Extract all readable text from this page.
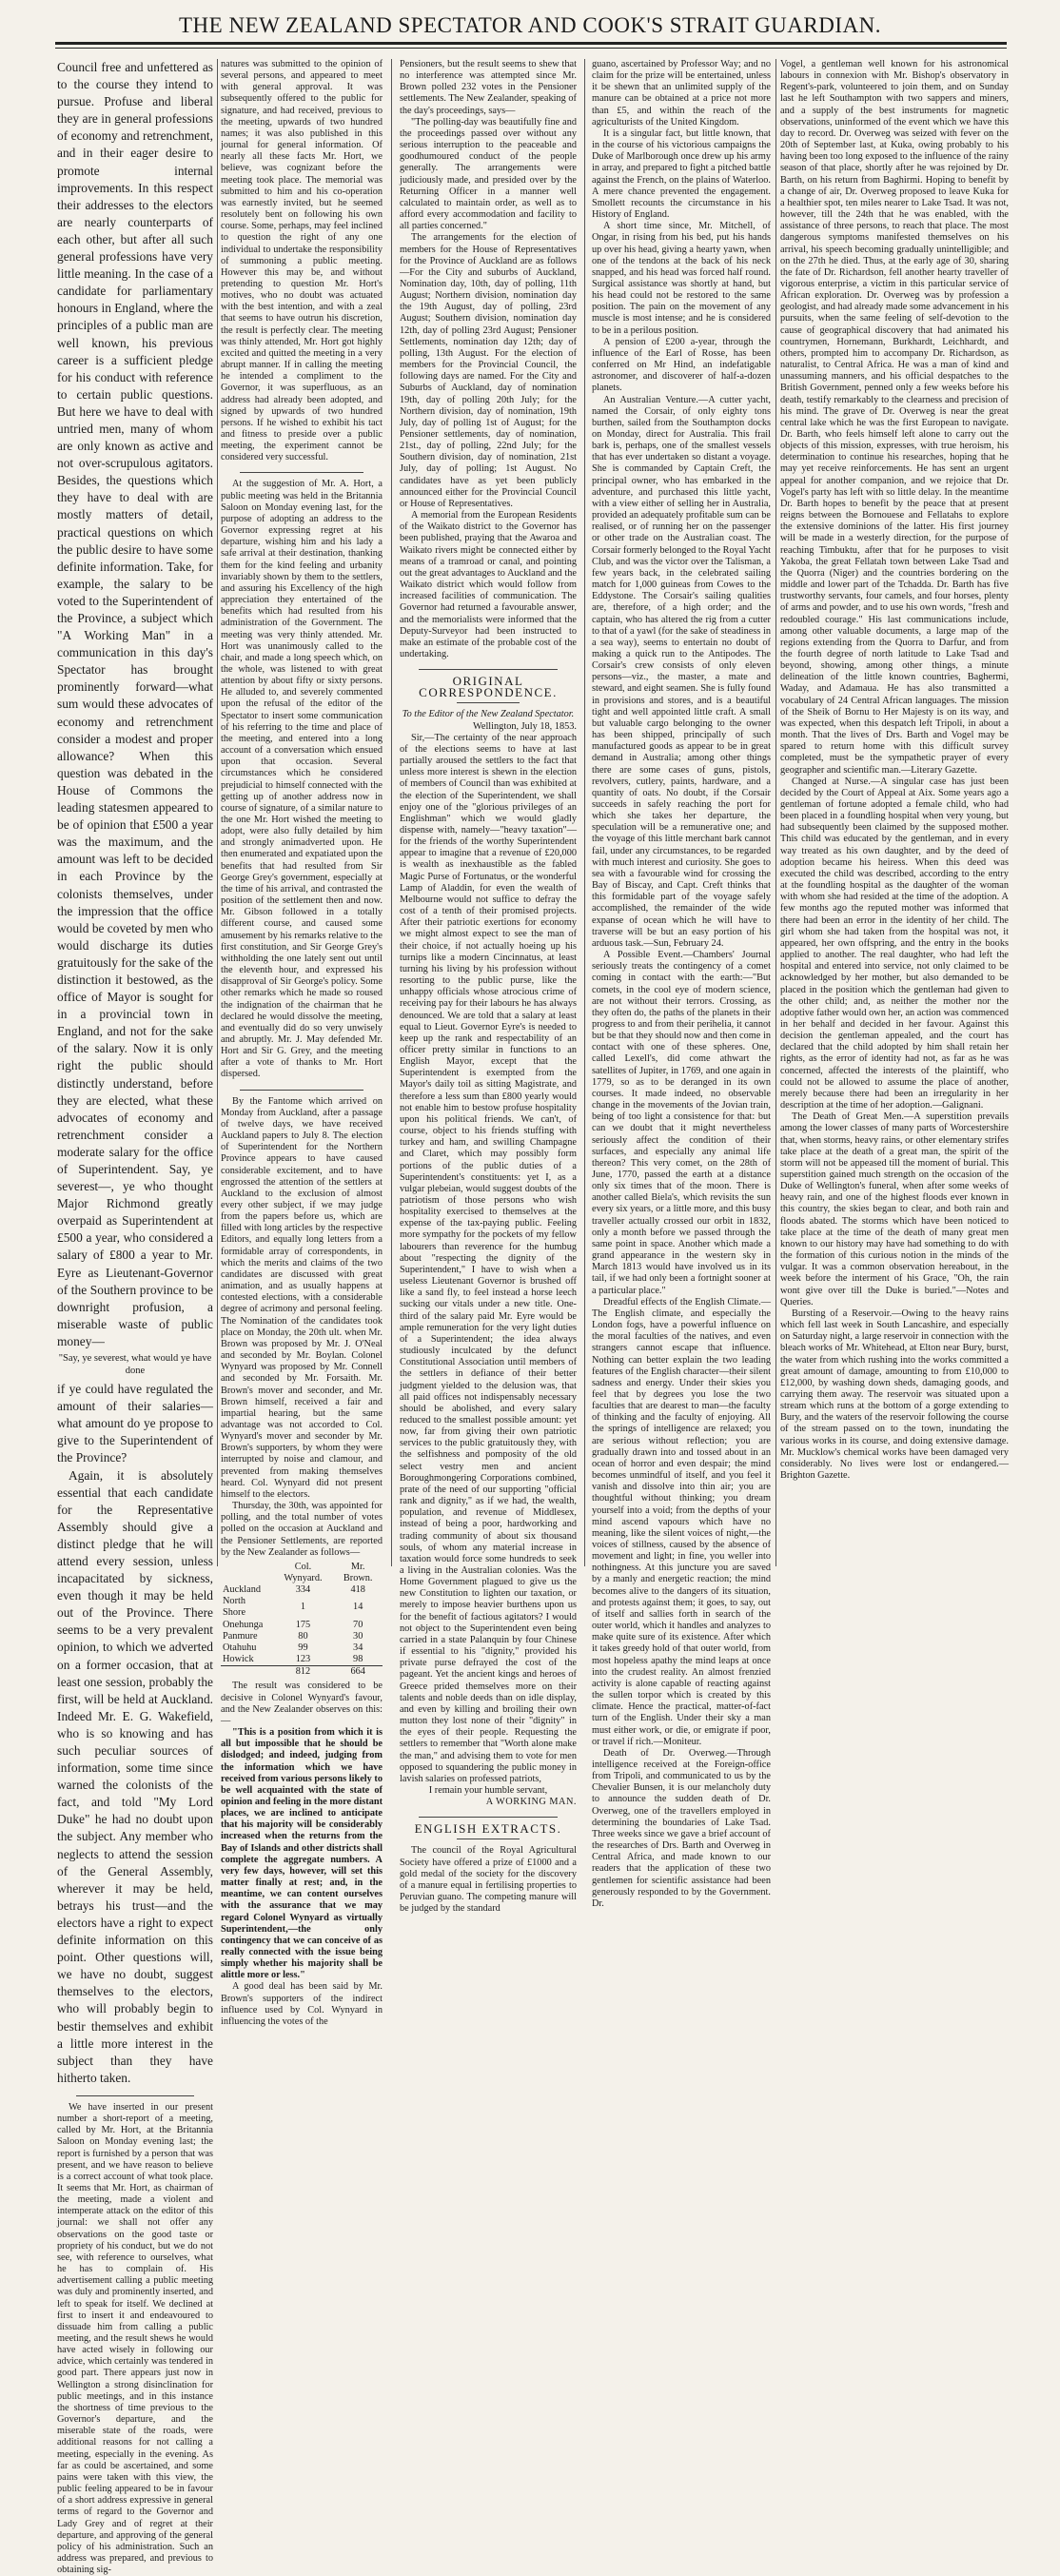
THE NEW ZEALAND SPECTATOR AND COOK'S STRAIT GUARDIAN.

Council free and unfettered as to the course they intend to pursue. Profuse and liberal they are in general professions of economy and retrenchment, and in their eager desire to promote internal improvements. In this respect their addresses to the electors are nearly counterparts of each other, but after all such general professions have very little meaning. In the case of a candidate for parliamentary honours in England, where the principles of a public man are well known, his previous career is a sufficient pledge for his conduct with reference to certain public questions. But here we have to deal with untried men, many of whom are only known as active and not over-scrupulous agitators. Besides, the questions which they have to deal with are mostly matters of detail, practical questions on which the public desire to have some definite information. Take, for example, the salary to be voted to the Superintendent of the Province, a subject which "A Working Man" in a communication in this day's Spectator has brought prominently forward—what sum would these advocates of economy and retrenchment consider a modest and proper allowance? When this question was debated in the House of Commons the leading statesmen appeared to be of opinion that £500 a year was the maximum, and the amount was left to be decided in each Province by the colonists themselves, under the impression that the office would be coveted by men who would discharge its duties gratuitously for the sake of the distinction it bestowed, as the office of Mayor is sought for in a provincial town in England, and not for the sake of the salary. Now it is only right the public should distinctly understand, before they are elected, what these advocates of economy and retrenchment consider a moderate salary for the office of Superintendent. Say, ye severest—, ye who thought Major Richmond greatly overpaid as Superintendent at £500 a year, who considered a salary of £800 a year to Mr. Eyre as Lieutenant-Governor of the Southern province to be downright profusion, a miserable waste of public money—

"Say, ye severest, what would ye have done

if ye could have regulated the amount of their salaries—what amount do ye propose to give to the Superintendent of the Province?

Again, it is absolutely essential that each candidate for the Representative Assembly should give a distinct pledge that he will attend every session, unless incapacitated by sickness, even though it may be held out of the Province. There seems to be a very prevalent opinion, to which we adverted on a former occasion, that at least one session, probably the first, will be held at Auckland. Indeed Mr. E. G. Wakefield, who is so knowing and has such peculiar sources of information, some time since warned the colonists of the fact, and told "My Lord Duke" he had no doubt upon the subject. Any member who neglects to attend the session of the General Assembly, wherever it may be held, betrays his trust—and the electors have a right to expect definite information on this point. Other questions will, we have no doubt, suggest themselves to the electors, who will probably begin to bestir themselves and exhibit a little more interest in the subject than they have hitherto taken.

We have inserted in our present number a short-report of a meeting, called by Mr. Hort, at the Britannia Saloon on Monday evening last; the report is furnished by a person that was present, and we have reason to believe is a correct account of what took place. It seems that Mr. Hort, as chairman of the meeting, made a violent and intemperate attack on the editor of this journal: we shall not offer any observations on the good taste or propriety of his conduct, but we do not see, with reference to ourselves, what he has to complain of. His advertisement calling a public meeting was duly and prominently inserted, and left to speak for itself. We declined at first to insert it and endeavoured to dissuade him from calling a public meeting, and the result shews he would have acted wisely in following our advice, which certainly was tendered in good part. There appears just now in Wellington a strong disinclination for public meetings, and in this instance the shortness of time previous to the Governor's departure, and the miserable state of the roads, were additional reasons for not calling a meeting, especially in the evening. As far as could be ascertained, and some pains were taken with this view, the public feeling appeared to be in favour of a short address expressive in general terms of regard to the Governor and Lady Grey and of regret at their departure, and approving of the general policy of his administration. Such an address was prepared, and previous to obtaining sig-

natures was submitted to the opinion of several persons, and appeared to meet with general approval. It was subsequently offered to the public for signature, and had received, previous to the meeting, upwards of two hundred names; it was also published in this journal for general information. Of nearly all these facts Mr. Hort, we believe, was cognizant before the meeting took place. The memorial was submitted to him and his co-operation was earnestly invited, but he seemed resolutely bent on following his own course. Some, perhaps, may feel inclined to question the right of any one individual to undertake the responsibility of summoning a public meeting. However this may be, and without pretending to question Mr. Hort's motives, who no doubt was actuated with the best intention, and with a zeal that seems to have outrun his discretion, the result is perfectly clear. The meeting was thinly attended, Mr. Hort got highly excited and quitted the meeting in a very abrupt manner. If in calling the meeting he intended a compliment to the Governor, it was superfluous, as an address had already been adopted, and signed by upwards of two hundred persons. If he wished to exhibit his tact and fitness to preside over a public meeting, the experiment cannot be considered very successful.

At the suggestion of Mr. A. Hort, a public meeting was held in the Britannia Saloon on Monday evening last, for the purpose of adopting an address to the Governor expressing regret at his departure, wishing him and his lady a safe arrival at their destination, thanking them for the kind feeling and urbanity invariably shown by them to the settlers, and assuring his Excellency of the high appreciation they entertained of the benefits which had resulted from his administration of the Government. The meeting was very thinly attended. Mr. Hort was unanimously called to the chair, and made a long speech which, on the whole, was listened to with great attention by about fifty or sixty persons. He alluded to, and severely commented upon the refusal of the editor of the Spectator to insert some communication of his referring to the time and place of the meeting, and entered into a long account of a conversation which ensued upon that occasion. Several circumstances which he considered prejudicial to himself connected with the getting up of another address now in course of signature, of a similar nature to the one Mr. Hort wished the meeting to adopt, were also fully detailed by him and strongly animadverted upon. He then enumerated and expatiated upon the benefits that had resulted from Sir George Grey's government, especially at the time of his arrival, and contrasted the position of the settlement then and now. Mr. Gibson followed in a totally different course, and caused some amusement by his remarks relative to the first constitution, and Sir George Grey's withholding the one lately sent out until the eleventh hour, and expressed his disapproval of Sir George's policy. Some other remarks which he made so roused the indignation of the chairman that he declared he would dissolve the meeting, and eventually did do so very unwisely and abruptly. Mr. J. May defended Mr. Hort and Sir G. Grey, and the meeting after a vote of thanks to Mr. Hort dispersed.

By the Fantome which arrived on Monday from Auckland, after a passage of twelve days, we have received Auckland papers to July 8. The election of Superintendent for the Northern Province appears to have caused considerable excitement, and to have engrossed the attention of the settlers at Auckland to the exclusion of almost every other subject, if we may judge from the papers before us, which are filled with long articles by the respective Editors, and equally long letters from a formidable array of correspondents, in which the merits and claims of the two candidates are discussed with great animation, and as usually happens at contested elections, with a considerable degree of acrimony and personal feeling. The Nomination of the candidates took place on Monday, the 20th ult. when Mr. Brown was proposed by Mr. J. O'Neal and seconded by Mr. Boylan. Colonel Wynyard was proposed by Mr. Connell and seconded by Mr. Forsaith. Mr. Brown's mover and seconder, and Mr. Brown himself, received a fair and impartial hearing, but the same advantage was not accorded to Col. Wynyard's mover and seconder by Mr. Brown's supporters, by whom they were interrupted by noise and clamour, and prevented from making themselves heard. Col. Wynyard did not present himself to the electors.

Thursday, the 30th, was appointed for polling, and the total number of votes polled on the occasion at Auckland and the Pensioner Settlements, are reported by the New Zealander as follows—

	Col. Wynyard.	Mr. Brown.
Auckland	334	418
North Shore	1	14
Onehunga	175	70
Panmure	80	30
Otahuhu	99	34
Howick	123	98
	812	664

The result was considered to be decisive in Colonel Wynyard's favour, and the New Zealander observes on this:—

"This is a position from which it is all but impossible that he should be dislodged; and indeed, judging from the information which we have received from various persons likely to be well acquainted with the state of opinion and feeling in the more distant places, we are inclined to anticipate that his majority will be considerably increased when the returns from the Bay of Islands and other districts shall complete the aggregate numbers. A very few days, however, will set this matter finally at rest; and, in the meantime, we can content ourselves with the assurance that we may regard Colonel Wynyard as virtually Superintendent,—the only contingency that we can conceive of as really connected with the issue being simply whether his majority shall be alittle more or less."

A good deal has been said by Mr. Brown's supporters of the indirect influence used by Col. Wynyard in influencing the votes of the

Pensioners, but the result seems to shew that no interference was attempted since Mr. Brown polled 232 votes in the Pensioner settlements. The New Zealander, speaking of the day's proceedings, says—

"The polling-day was beautifully fine and the proceedings passed over without any serious interruption to the peaceable and goodhumoured conduct of the people generally. The arrangements were judiciously made, and presided over by the Returning Officer in a manner well calculated to maintain order, as well as to afford every accommodation and facility to all parties concerned."

The arrangements for the election of members for the House of Representatives for the Province of Auckland are as follows—For the City and suburbs of Auckland, Nomination day, 10th, day of polling, 11th August; Northern division, nomination day the 19th August, day of polling, 23rd August; Southern division, nomination day 12th, day of polling 23rd August; Pensioner Settlements, nomination day 12th; day of polling, 13th August. For the election of members for the Provincial Council, the following days are named. For the City and Suburbs of Auckland, day of nomination 19th, day of polling 20th July; for the Northern division, day of nomination, 19th July, day of polling 1st of August; for the Pensioner settlements, day of nomination, 21st., day of polling, 22nd July; for the Southern division, day of nomination, 21st July, day of polling; 1st August. No candidates have as yet been publicly announced either for the Provincial Council or House of Representatives.

A memorial from the European Residents of the Waikato district to the Governor has been published, praying that the Awaroa and Waikato rivers might be connected either by means of a tramroad or canal, and pointing out the great advantages to Auckland and the Waikato district which would follow from increased facilities of communication. The Governor had returned a favourable answer, and the memorialists were informed that the Deputy-Surveyor had been instructed to make an estimate of the probable cost of the undertaking.

ORIGINAL CORRESPONDENCE.

To the Editor of the New Zealand Spectator.

Wellington, July 18, 1853.

Sir,—The certainty of the near approach of the elections seems to have at last partially aroused the settlers to the fact that unless more interest is shewn in the election of members of Council than was exhibited at the election of the Superintendent, we shall enjoy one of the "glorious privileges of an Englishman" which we would gladly dispense with, namely—"heavy taxation"—for the friends of the worthy Superintendent appear to imagine that a revenue of £20,000 is wealth as inexhaustible as the fabled Magic Purse of Fortunatus, or the wonderful Lamp of Aladdin, for even the wealth of Melbourne would not suffice to defray the cost of a tenth of their promised projects. After their patriotic exertions for economy we might almost expect to see the man of their choice, if not actually hoeing up his turnips like a modern Cincinnatus, at least turning his living by his profession without resorting to the public purse, like the unhappy officials whose atrocious crime of receiving pay for their labours he has always denounced. We are told that a salary at least equal to Lieut. Governor Eyre's is needed to keep up the rank and respectability of an officer pretty similar in functions to an English Mayor, except that the Superintendent is exempted from the Mayor's daily toil as sitting Magistrate, and therefore a less sum than £800 yearly would not enable him to bestow profuse hospitality upon his political friends. We can't, of course, object to his friends stuffing with turkey and ham, and swilling Champagne and Claret, which may possibly form portions of the public duties of a Superintendent's constituents: yet I, as a vulgar plebeian, would suggest doubts of the patriotism of those persons who wish hospitality exercised to themselves at the expense of the tax-paying public. Feeling more sympathy for the pockets of my fellow labourers than reverence for the humbug about "respecting the dignity of the Superintendent," I have to wish when a useless Lieutenant Governor is brushed off like a sand fly, to feel instead a horse leech sucking our vitals under a new title. One-third of the salary paid Mr. Eyre would be ample remuneration for the very light duties of a Superintendent; the idea always studiously inculcated by the defunct Constitutional Association until members of the settlers in defiance of their better judgment yielded to the delusion was, that all paid offices not indispensably necessary should be abolished, and every salary reduced to the smallest possible amount: yet now, far from giving their own patriotic services to the public gratuitously they, with the selfishness and pomposity of the old select vestry men and ancient Boroughmongering Corporations combined, prate of the need of our supporting "official rank and dignity," as if we had, the wealth, population, and revenue of Middlesex, instead of being a poor, hardworking and trading community of about six thousand souls, of whom any material increase in taxation would force some hundreds to seek a living in the Australian colonies. Was the Home Government plagued to give us the new Constitution to lighten our taxation, or merely to impose heavier burthens upon us for the benefit of factious agitators? I would not object to the Superintendent even being carried in a state Palanquin by four Chinese if essential to his "dignity," provided his private purse defrayed the cost of the pageant. Yet the ancient kings and heroes of Greece prided themselves more on their talents and noble deeds than on idle display, and even by killing and broiling their own mutton they lost none of their "dignity" in the eyes of their people. Requesting the settlers to remember that "Worth alone make the man," and advising them to vote for men opposed to squandering the public money in lavish salaries on professed patriots,

I remain your humble servant,

A WORKING MAN.

ENGLISH EXTRACTS.

The council of the Royal Agricultural Society have offered a prize of £1000 and a gold medal of the society for the discovery of a manure equal in fertilising properties to Peruvian guano. The competing manure will be judged by the standard

guano, ascertained by Professor Way; and no claim for the prize will be entertained, unless it be shewn that an unlimited supply of the manure can be obtained at a price not more than £5, and within the reach of the agriculturists of the United Kingdom.

It is a singular fact, but little known, that in the course of his victorious campaigns the Duke of Marlborough once drew up his army in array, and prepared to fight a pitched battle against the French, on the plains of Waterloo. A mere chance prevented the engagement. Smollett recounts the circumstance in his History of England.

A short time since, Mr. Mitchell, of Ongar, in rising from his bed, put his hands up over his head, giving a hearty yawn, when one of the tendons at the back of his neck snapped, and his head was forced half round. Surgical assistance was shortly at hand, but his head could not be restored to the same position. The pain on the movement of any muscle is most intense; and he is considered to be in a perilous position.

A pension of £200 a-year, through the influence of the Earl of Rosse, has been conferred on Mr Hind, an indefatigable astronomer, and discoverer of half-a-dozen planets.

An Australian Venture.—A cutter yacht, named the Corsair, of only eighty tons burthen, sailed from the Southampton docks on Monday, direct for Australia. This frail bark is, perhaps, one of the smallest vessels that has ever undertaken so distant a voyage. She is commanded by Captain Creft, the principal owner, who has embarked in the adventure, and purchased this little yacht, with a view either of selling her in Australia, provided an adequately profitable sum can be realised, or of running her on the passenger or other trade on the Australian coast. The Corsair formerly belonged to the Royal Yacht Club, and was the victor over the Talisman, a few years back, in the celebrated sailing match for 1,000 guineas from Cowes to the Eddystone. The Corsair's sailing qualities are, therefore, of a high order; and the captain, who has altered the rig from a cutter to that of a yawl (for the sake of steadiness in a sea way), seems to entertain no doubt of making a quick run to the Antipodes. The Corsair's crew consists of only eleven persons—viz., the master, a mate and steward, and eight seamen. She is fully found in provisions and stores, and is a beautiful tight and well appointed little craft. A small but valuable cargo belonging to the owner has been shipped, principally of such manufactured goods as appear to be in great demand in Australia; among other things there are some cases of guns, pistols, revolvers, cutlery, paints, hardware, and a quantity of oats. No doubt, if the Corsair succeeds in safely reaching the port for which she takes her departure, the speculation will be a remunerative one; and the voyage of this little merchant bark cannot fail, under any circumstances, to be regarded with much interest and curiosity. She goes to sea with a favourable wind for crossing the Bay of Biscay, and Capt. Creft thinks that this formidable part of the voyage safely accomplished, the remainder of the wide expanse of ocean which he will have to traverse will be but an easy portion of his arduous task.—Sun, February 24.

A Possible Event.—Chambers' Journal seriously treats the contingency of a comet coming in contact with the earth:—"But comets, in the cool eye of modern science, are not without their terrors. Crossing, as they often do, the paths of the planets in their progress to and from their perihelia, it cannot but be that they should now and then come in contact with one of these spheres. One, called Lexell's, did come athwart the satellites of Jupiter, in 1769, and one again in 1779, so as to be deranged in its own courses. It made indeed, no observable change in the movements of the Jovian train, being of too light a consistence for that: but can we doubt that it might nevertheless seriously affect the condition of their surfaces, and especially any animal life thereon? This very comet, on the 28th of June, 1770, passed the earth at a distance only six times that of the moon. There is another called Biela's, which revisits the sun every six years, or a little more, and this busy traveller actually crossed our orbit in 1832, only a month before we passed through the same point in space. Another which made a grand appearance in the western sky in March 1813 would have involved us in its tail, if we had only been a fortnight sooner at a particular place."

Dreadful effects of the English Climate.—The English climate, and especially the London fogs, have a powerful influence on the moral faculties of the natives, and even strangers cannot escape that influence. Nothing can better explain the two leading features of the English character—their silent sadness and energy. Under their skies you feel that by degrees you lose the two faculties that are dearest to man—the faculty of thinking and the faculty of enjoying. All the springs of intelligence are relaxed; you are serious without reflection; you are gradually drawn into and tossed about in an ocean of horror and even despair; the mind becomes unmindful of itself, and you feel it vanish and dissolve into thin air; you are thoughtful without thinking; you dream yourself into a void; from the depths of your mind ascend vapours which have no meaning, like the silent voices of night,—the voices of stillness, caused by the absence of movement and light; in fine, you weller into nothingness. At this juncture you are saved by a manly and energetic reaction; the mind becomes alive to the dangers of its situation, and protests against them; it goes, to say, out of itself and sallies forth in search of the outer world, which it handles and analyzes to make quite sure of its existence. After which it takes greedy hold of that outer world, from most hopeless apathy the mind leaps at once into the crudest reality. An almost frenzied activity is alone capable of reacting against the sullen torpor which is created by this climate. Hence the practical, matter-of-fact turn of the English. Under their sky a man must either work, or die, or emigrate if poor, or travel if rich.—Moniteur.

Death of Dr. Overweg.—Through intelligence received at the Foreign-office from Tripoli, and communicated to us by the Chevalier Bunsen, it is our melancholy duty to announce the sudden death of Dr. Overweg, one of the travellers employed in determining the boundaries of Lake Tsad. Three weeks since we gave a brief account of the researches of Drs. Barth and Overweg in Central Africa, and made known to our readers that the application of these two gentlemen for scientific assistance had been generously responded to by the Government. Dr.

Vogel, a gentleman well known for his astronomical labours in connexion with Mr. Bishop's observatory in Regent's-park, volunteered to join them, and on Sunday last he left Southampton with two sappers and miners, and a supply of the best instruments for magnetic observations, uninformed of the event which we have this day to record. Dr. Overweg was seized with fever on the 20th of September last, at Kuka, owing probably to his having been too long exposed to the influence of the rainy season of that place, shortly after he was rejoined by Dr. Barth, on his return from Baghirmi. Hoping to benefit by a change of air, Dr. Overweg proposed to leave Kuka for a healthier spot, ten miles nearer to Lake Tsad. It was not, however, till the 24th that he was enabled, with the assistance of three persons, to reach that place. The most dangerous symptoms manifested themselves on his arrival, his speech becoming gradually unintelligible; and on the 27th he died. Thus, at the early age of 30, sharing the fate of Dr. Richardson, fell another hearty traveller of vigorous enterprise, a victim in this particular service of African exploration. Dr. Overweg was by profession a geologist, and had already made some advancement in his pursuits, when the same feeling of self-devotion to the cause of geographical discovery that had animated his countrymen, Hornemann, Burkhardt, Leichhardt, and others, prompted him to accompany Dr. Richardson, as naturalist, to Central Africa. He was a man of kind and unassuming manners, and his official despatches to the British Government, penned only a few weeks before his death, testify remarkably to the clearness and precision of his mind. The grave of Dr. Overweg is near the great central lake which he was the first European to navigate. Dr. Barth, who feels himself left alone to carry out the objects of this mission, expresses, with true heroism, his determination to continue his researches, hoping that he may yet receive reinforcements. He has sent an urgent appeal for another companion, and we rejoice that Dr. Vogel's party has left with so little delay. In the meantime Dr. Barth hopes to benefit by the peace that at present reigns between the Bornouese and Fellatahs to explore the extensive dominions of the latter. His first journey will be made in a westerly direction, for the purpose of reaching Timbuktu, after that for he purposes to visit Yakoba, the great Fellatah town between Lake Tsad and the Quorra (Niger) and the countries bordering on the middle and lower part of the Tchadda. Dr. Barth has five trustworthy servants, four camels, and four horses, plenty of arms and powder, and to use his own words, "fresh and redoubled courage." His last communications include, among other valuable documents, a large map of the regions extending from the Quorra to Darfur, and from the fourth degree of north latitude to Lake Tsad and beyond, showing, among other things, a minute delineation of the little known countries, Baghermi, Waday, and Adamaua. He has also transmitted a vocabulary of 24 Central African languages. The mission of the Sheik of Bornu to Her Majesty is on its way, and was expected, when this despatch left Tripoli, in about a month. That the lives of Drs. Barth and Vogel may be spared to return home with this difficult survey completed, must be the sympathetic prayer of every geographer and scientific man.—Literary Gazette.

Changed at Nurse.—A singular case has just been decided by the Court of Appeal at Aix. Some years ago a gentleman of fortune adopted a female child, who had been placed in a foundling hospital when very young, but had subsequently been claimed by the supposed mother. This child was educated by the gentleman, and in every way treated as his own daughter, and by the deed of adoption became his heiress. When this deed was executed the child was described, according to the entry at the foundling hospital as the daughter of the woman with whom she had resided at the time of the adoption. A few months ago the reputed mother was informed that there had been an error in the identity of her child. The girl whom she had taken from the hospital was not, it appeared, her own offspring, and the entry in the books applied to another. The real daughter, who had left the hospital and entered into service, not only claimed to be acknowledged by her mother, but also demanded to be placed in the position which the gentleman had given to the other child; and, as neither the mother nor the adoptive father would own her, an action was commenced in her behalf and decided in her favour. Against this decision the gentleman appealed, and the court has declared that the child adopted by him shall retain her rights, as the error of identity had not, as far as he was concerned, affected the interests of the plaintiff, who could not be allowed to assume the place of another, merely because there had been an irregularity in her description at the time of her adoption.—Galignani.

The Death of Great Men.—A superstition prevails among the lower classes of many parts of Worcestershire that, when storms, heavy rains, or other elementary strifes take place at the death of a great man, the spirit of the storm will not be appeased till the moment of burial. This superstition gained much strength on the occasion of the Duke of Wellington's funeral, when after some weeks of heavy rain, and one of the highest floods ever known in this country, the skies began to clear, and both rain and floods abated. The storms which have been noticed to take place at the time of the death of many great men known to our history may have had something to do with the formation of this curious notion in the minds of the vulgar. It was a common observation hereabout, in the week before the interment of his Grace, "Oh, the rain wont give over till the Duke is buried."—Notes and Queries.

Bursting of a Reservoir.—Owing to the heavy rains which fell last week in South Lancashire, and especially on Saturday night, a large reservoir in connection with the bleach works of Mr. Whitehead, at Elton near Bury, burst, the water from which rushing into the works committed a great amount of damage, amounting to from £10,000 to £12,000, by washing down sheds, damaging goods, and carrying them away. The reservoir was situated upon a stream which runs at the bottom of a gorge extending to Bury, and the waters of the reservoir following the course of the stream passed on to the town, inundating the various works in its course, and doing extensive damage. Mr. Mucklow's chemical works have been damaged very considerably. No lives were lost or endangered.—Brighton Gazette.
